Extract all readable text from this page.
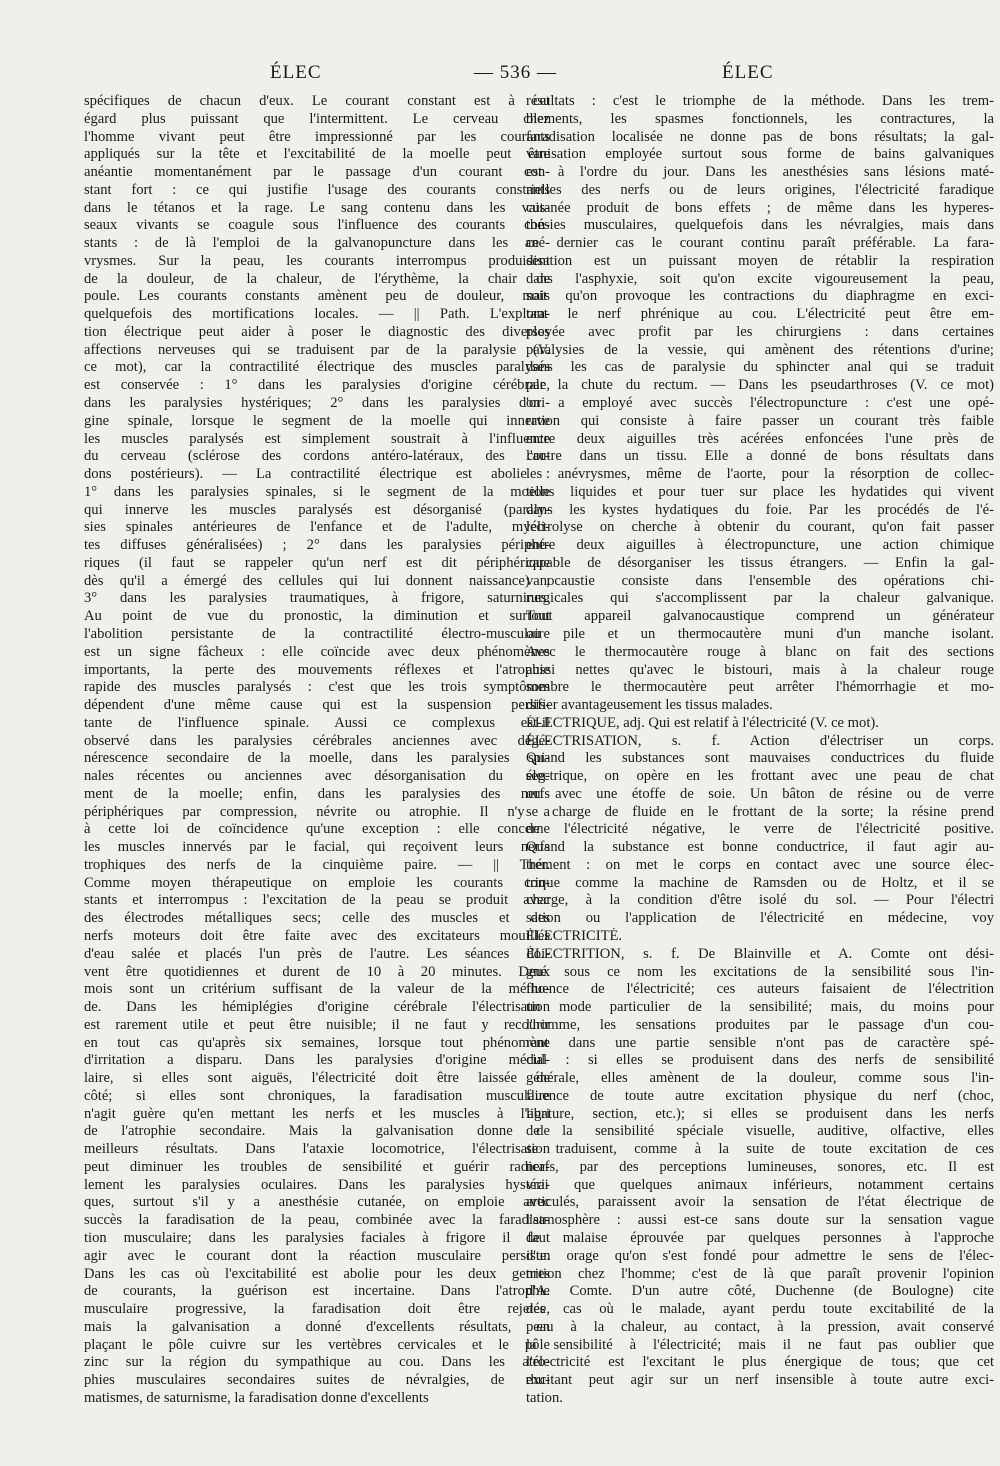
ÉLEC	— 536 —	ÉLEC
spécifiques de chacun d'eux. Le courant constant est à cet
égard plus puissant que l'intermittent. Le cerveau chez
l'homme vivant peut être impressionné par les courants
appliqués sur la tête et l'excitabilité de la moelle peut être
anéantie momentanément par le passage d'un courant con-
stant fort : ce qui justifie l'usage des courants constants
dans le tétanos et la rage. Le sang contenu dans les vais-
seaux vivants se coagule sous l'influence des courants con-
stants : de là l'emploi de la galvanopuncture dans les ané-
vrysmes. Sur la peau, les courants interrompus produisent
de la douleur, de la chaleur, de l'érythème, la chair de
poule. Les courants constants amènent peu de douleur, mais
quelquefois des mortifications locales. — || Path. L'explora-
tion électrique peut aider à poser le diagnostic des diverses
affections nerveuses qui se traduisent par de la paralysie (V.
ce mot), car la contractilité électrique des muscles paralysés
est conservée : 1° dans les paralysies d'origine cérébrale,
dans les paralysies hystériques; 2° dans les paralysies d'ori-
gine spinale, lorsque le segment de la moelle qui innerve
les muscles paralysés est simplement soustrait à l'influence
du cerveau (sclérose des cordons antéro-latéraux, des cor-
dons postérieurs). — La contractilité électrique est abolie :
1° dans les paralysies spinales, si le segment de la moelle
qui innerve les muscles paralysés est désorganisé (paraly-
sies spinales antérieures de l'enfance et de l'adulte, myéli-
tes diffuses généralisées) ; 2° dans les paralysies périphé-
riques (il faut se rappeler qu'un nerf est dit périphérique
dès qu'il a émergé des cellules qui lui donnent naissance) ;
3° dans les paralysies traumatiques, à frigore, saturnines.
Au point de vue du pronostic, la diminution et surtout
l'abolition persistante de la contractilité électro-musculaire
est un signe fâcheux : elle coïncide avec deux phénomènes
importants, la perte des mouvements réflexes et l'atrophie
rapide des muscles paralysés : c'est que les trois symptômes
dépendent d'une même cause qui est la suspension persis-
tante de l'influence spinale. Aussi ce complexus est-il
observé dans les paralysies cérébrales anciennes avec dégé-
nérescence secondaire de la moelle, dans les paralysies spi-
nales récentes ou anciennes avec désorganisation du seg-
ment de la moelle; enfin, dans les paralysies des nerfs
périphériques par compression, névrite ou atrophie. Il n'y a
à cette loi de coïncidence qu'une exception : elle concerne
les muscles innervés par le facial, qui reçoivent leurs nerfs
trophiques des nerfs de la cinquième paire. — || Thér.
Comme moyen thérapeutique on emploie les courants con-
stants et interrompus : l'excitation de la peau se produit avec
des électrodes métalliques secs; celle des muscles et des
nerfs moteurs doit être faite avec des excitateurs mouillés
d'eau salée et placés l'un près de l'autre. Les séances doi-
vent être quotidiennes et durent de 10 à 20 minutes. Deux
mois sont un critérium suffisant de la valeur de la métho-
de. Dans les hémiplégies d'origine cérébrale l'électrisation
est rarement utile et peut être nuisible; il ne faut y recourir
en tout cas qu'après six semaines, lorsque tout phénomène
d'irritation a disparu. Dans les paralysies d'origine médul-
laire, si elles sont aiguës, l'électricité doit être laissée de
côté; si elles sont chroniques, la faradisation musculaire
n'agit guère qu'en mettant les nerfs et les muscles à l'abri
de l'atrophie secondaire. Mais la galvanisation donne de
meilleurs résultats. Dans l'ataxie locomotrice, l'électrisation
peut diminuer les troubles de sensibilité et guérir radica-
lement les paralysies oculaires. Dans les paralysies hystéri-
ques, surtout s'il y a anesthésie cutanée, on emploie avec
succès la faradisation de la peau, combinée avec la faradisa-
tion musculaire; dans les paralysies faciales à frigore il faut
agir avec le courant dont la réaction musculaire persiste.
Dans les cas où l'excitabilité est abolie pour les deux genres
de courants, la guérison est incertaine. Dans l'atrophie
musculaire progressive, la faradisation doit être rejetée,
mais la galvanisation a donné d'excellents résultats, en
plaçant le pôle cuivre sur les vertèbres cervicales et le pôle
zinc sur la région du sympathique au cou. Dans les atro-
phies musculaires secondaires suites de névralgies, de rhu-
matismes, de saturnisme, la faradisation donne d'excellents
résultats : c'est le triomphe de la méthode. Dans les trem-
blements, les spasmes fonctionnels, les contractures, la
faradisation localisée ne donne pas de bons résultats; la gal-
vanisation employée surtout sous forme de bains galvaniques
est à l'ordre du jour. Dans les anesthésies sans lésions maté-
rielles des nerfs ou de leurs origines, l'électricité faradique
cutanée produit de bons effets ; de même dans les hyperes-
thésies musculaires, quelquefois dans les névralgies, mais dans
ce dernier cas le courant continu paraît préférable. La fara-
disation est un puissant moyen de rétablir la respiration
dans l'asphyxie, soit qu'on excite vigoureusement la peau,
soit qu'on provoque les contractions du diaphragme en exci-
tant le nerf phrénique au cou. L'électricité peut être em-
ployée avec profit par les chirurgiens : dans certaines
paralysies de la vessie, qui amènent des rétentions d'urine;
dans les cas de paralysie du sphincter anal qui se traduit
par la chute du rectum. — Dans les pseudarthroses (V. ce mot)
on a employé avec succès l'électropuncture : c'est une opé-
ration qui consiste à faire passer un courant très faible
entre deux aiguilles très acérées enfoncées l'une près de
l'autre dans un tissu. Elle a donné de bons résultats dans
les anévrysmes, même de l'aorte, pour la résorption de collec-
tions liquides et pour tuer sur place les hydatides qui vivent
dans les kystes hydatiques du foie. Par les procédés de l'é-
lectrolyse on cherche à obtenir du courant, qu'on fait passer
entre deux aiguilles à électropuncture, une action chimique
capable de désorganiser les tissus étrangers. — Enfin la gal-
vanocaustie consiste dans l'ensemble des opérations chi-
rurgicales qui s'accomplissent par la chaleur galvanique.
Tout appareil galvanocaustique comprend un générateur
ou pile et un thermocautère muni d'un manche isolant.
Avec le thermocautère rouge à blanc on fait des sections
aussi nettes qu'avec le bistouri, mais à la chaleur rouge
sombre le thermocautère peut arrêter l'hémorrhagie et mo-
difier avantageusement les tissus malades.
ÉLECTRIQUE, adj. Qui est relatif à l'électricité (V. ce mot).
ÉLECTRISATION, s. f. Action d'électriser un corps.
Quand les substances sont mauvaises conductrices du fluide
électrique, on opère en les frottant avec une peau de chat
ou avec une étoffe de soie. Un bâton de résine ou de verre
se charge de fluide en le frottant de la sorte; la résine prend
de l'électricité négative, le verre de l'électricité positive.
Quand la substance est bonne conductrice, il faut agir au-
trement : on met le corps en contact avec une source élec-
trique comme la machine de Ramsden ou de Holtz, et il se
charge, à la condition d'être isolé du sol. — Pour l'électri
sation ou l'application de l'électricité en médecine, voy
ÉLECTRICITÉ.
ÉLECTRITION, s. f. De Blainville et A. Comte ont dési-
gné sous ce nom les excitations de la sensibilité sous l'in-
fluence de l'électricité; ces auteurs faisaient de l'électrition
un mode particulier de la sensibilité; mais, du moins pour
l'homme, les sensations produites par le passage d'un cou-
rant dans une partie sensible n'ont pas de caractère spé-
cial : si elles se produisent dans des nerfs de sensibilité
générale, elles amènent de la douleur, comme sous l'in-
fluence de toute autre excitation physique du nerf (choc,
ligature, section, etc.); si elles se produisent dans les nerfs
de la sensibilité spéciale visuelle, auditive, olfactive, elles
se traduisent, comme à la suite de toute excitation de ces
nerfs, par des perceptions lumineuses, sonores, etc. Il est
vrai que quelques animaux inférieurs, notamment certains
articulés, paraissent avoir la sensation de l'état électrique de
l'atmosphère : aussi est-ce sans doute sur la sensation vague
de malaise éprouvée par quelques personnes à l'approche
d'un orage qu'on s'est fondé pour admettre le sens de l'élec-
trition chez l'homme; c'est de là que paraît provenir l'opinion
d'A. Comte. D'un autre côté, Duchenne (de Boulogne) cite
des cas où le malade, ayant perdu toute excitabilité de la
peau à la chaleur, au contact, à la pression, avait conservé
la sensibilité à l'électricité; mais il ne faut pas oublier que
l'électricité est l'excitant le plus énergique de tous; que cet
excitant peut agir sur un nerf insensible à toute autre exci-
tation.
